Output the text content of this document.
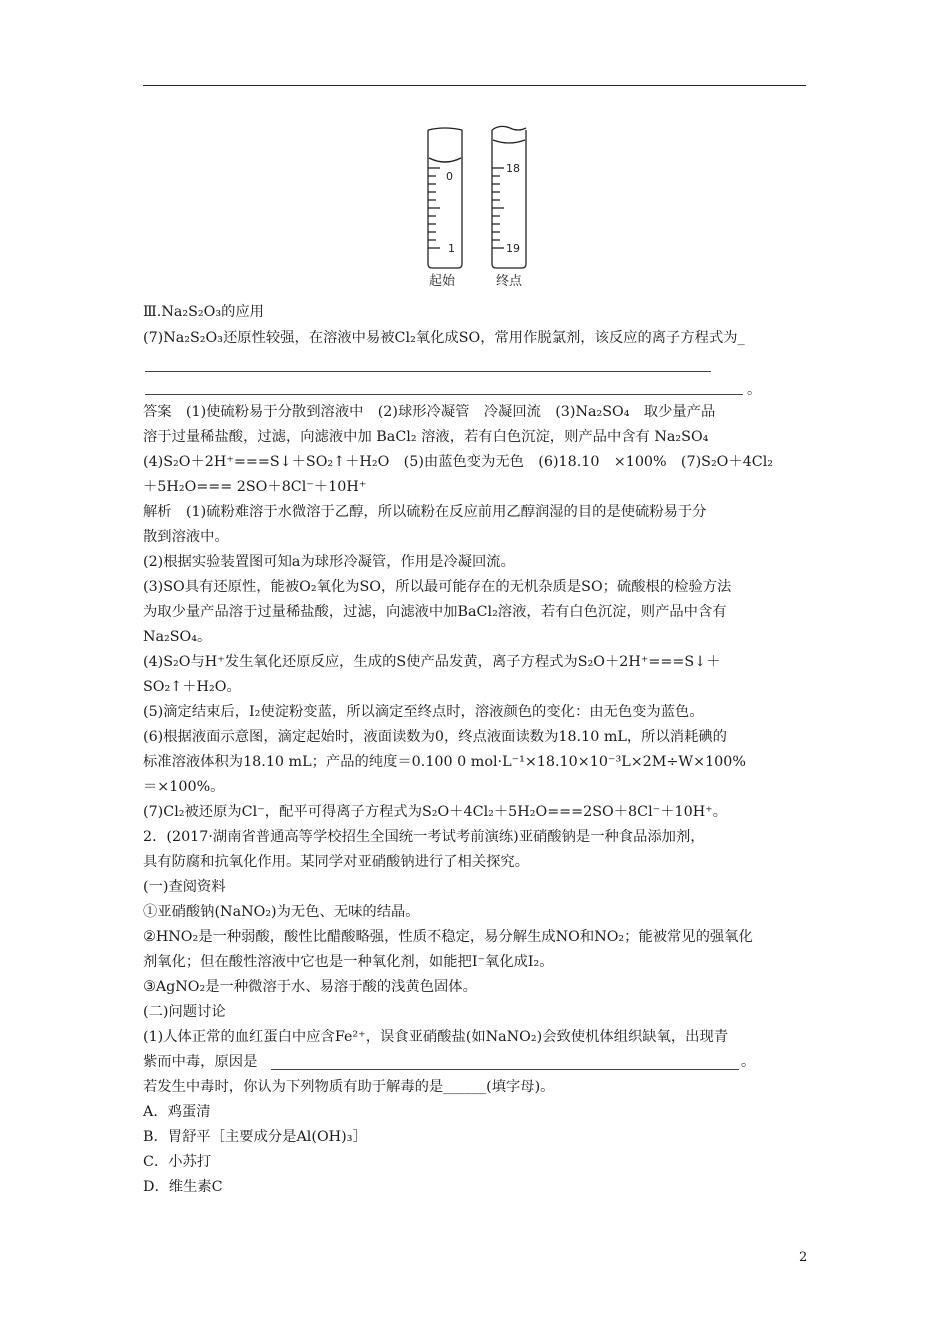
0
1
18
19
起始	终点
Ⅲ.Na₂S₂O₃的应用
(7)Na₂S₂O₃还原性较强，在溶液中易被Cl₂氧化成SO，常用作脱氯剂，该反应的离子方程式为_
。
答案　(1)使硫粉易于分散到溶液中　(2)球形冷凝管　冷凝回流　(3)Na₂SO₄　取少量产品
溶于过量稀盐酸，过滤，向滤液中加 BaCl₂ 溶液，若有白色沉淀，则产品中含有 Na₂SO₄
(4)S₂O＋2H⁺===S↓＋SO₂↑＋H₂O　(5)由蓝色变为无色　(6)18.10　×100%　(7)S₂O＋4Cl₂
＋5H₂O=== 2SO＋8Cl⁻＋10H⁺
解析　(1)硫粉难溶于水微溶于乙醇，所以硫粉在反应前用乙醇润湿的目的是使硫粉易于分
散到溶液中。
(2)根据实验装置图可知a为球形冷凝管，作用是冷凝回流。
(3)SO具有还原性，能被O₂氧化为SO，所以最可能存在的无机杂质是SO；硫酸根的检验方法
为取少量产品溶于过量稀盐酸，过滤，向滤液中加BaCl₂溶液，若有白色沉淀，则产品中含有
Na₂SO₄。
(4)S₂O与H⁺发生氧化还原反应，生成的S使产品发黄，离子方程式为S₂O＋2H⁺===S↓＋
SO₂↑＋H₂O。
(5)滴定结束后，I₂使淀粉变蓝，所以滴定至终点时，溶液颜色的变化：由无色变为蓝色。
(6)根据液面示意图，滴定起始时，液面读数为0，终点液面读数为18.10 mL，所以消耗碘的
标准溶液体积为18.10 mL；产品的纯度＝0.100 0 mol·L⁻¹×18.10×10⁻³L×2M÷W×100%
＝×100%。
(7)Cl₂被还原为Cl⁻，配平可得离子方程式为S₂O＋4Cl₂＋5H₂O===2SO＋8Cl⁻＋10H⁺。
2．(2017·湖南省普通高等学校招生全国统一考试考前演练)亚硝酸钠是一种食品添加剂，
具有防腐和抗氧化作用。某同学对亚硝酸钠进行了相关探究。
(一)查阅资料
①亚硝酸钠(NaNO₂)为无色、无味的结晶。
②HNO₂是一种弱酸，酸性比醋酸略强，性质不稳定，易分解生成NO和NO₂；能被常见的强氧化
剂氧化；但在酸性溶液中它也是一种氧化剂，如能把I⁻氧化成I₂。
③AgNO₂是一种微溶于水、易溶于酸的浅黄色固体。
(二)问题讨论
(1)人体正常的血红蛋白中应含Fe²⁺，误食亚硝酸盐(如NaNO₂)会致使机体组织缺氧，出现青
紫而中毒，原因是	。
若发生中毒时，你认为下列物质有助于解毒的是______(填字母)。
A．鸡蛋清
B．胃舒平［主要成分是Al(OH)₃］
C．小苏打
D．维生素C
2
